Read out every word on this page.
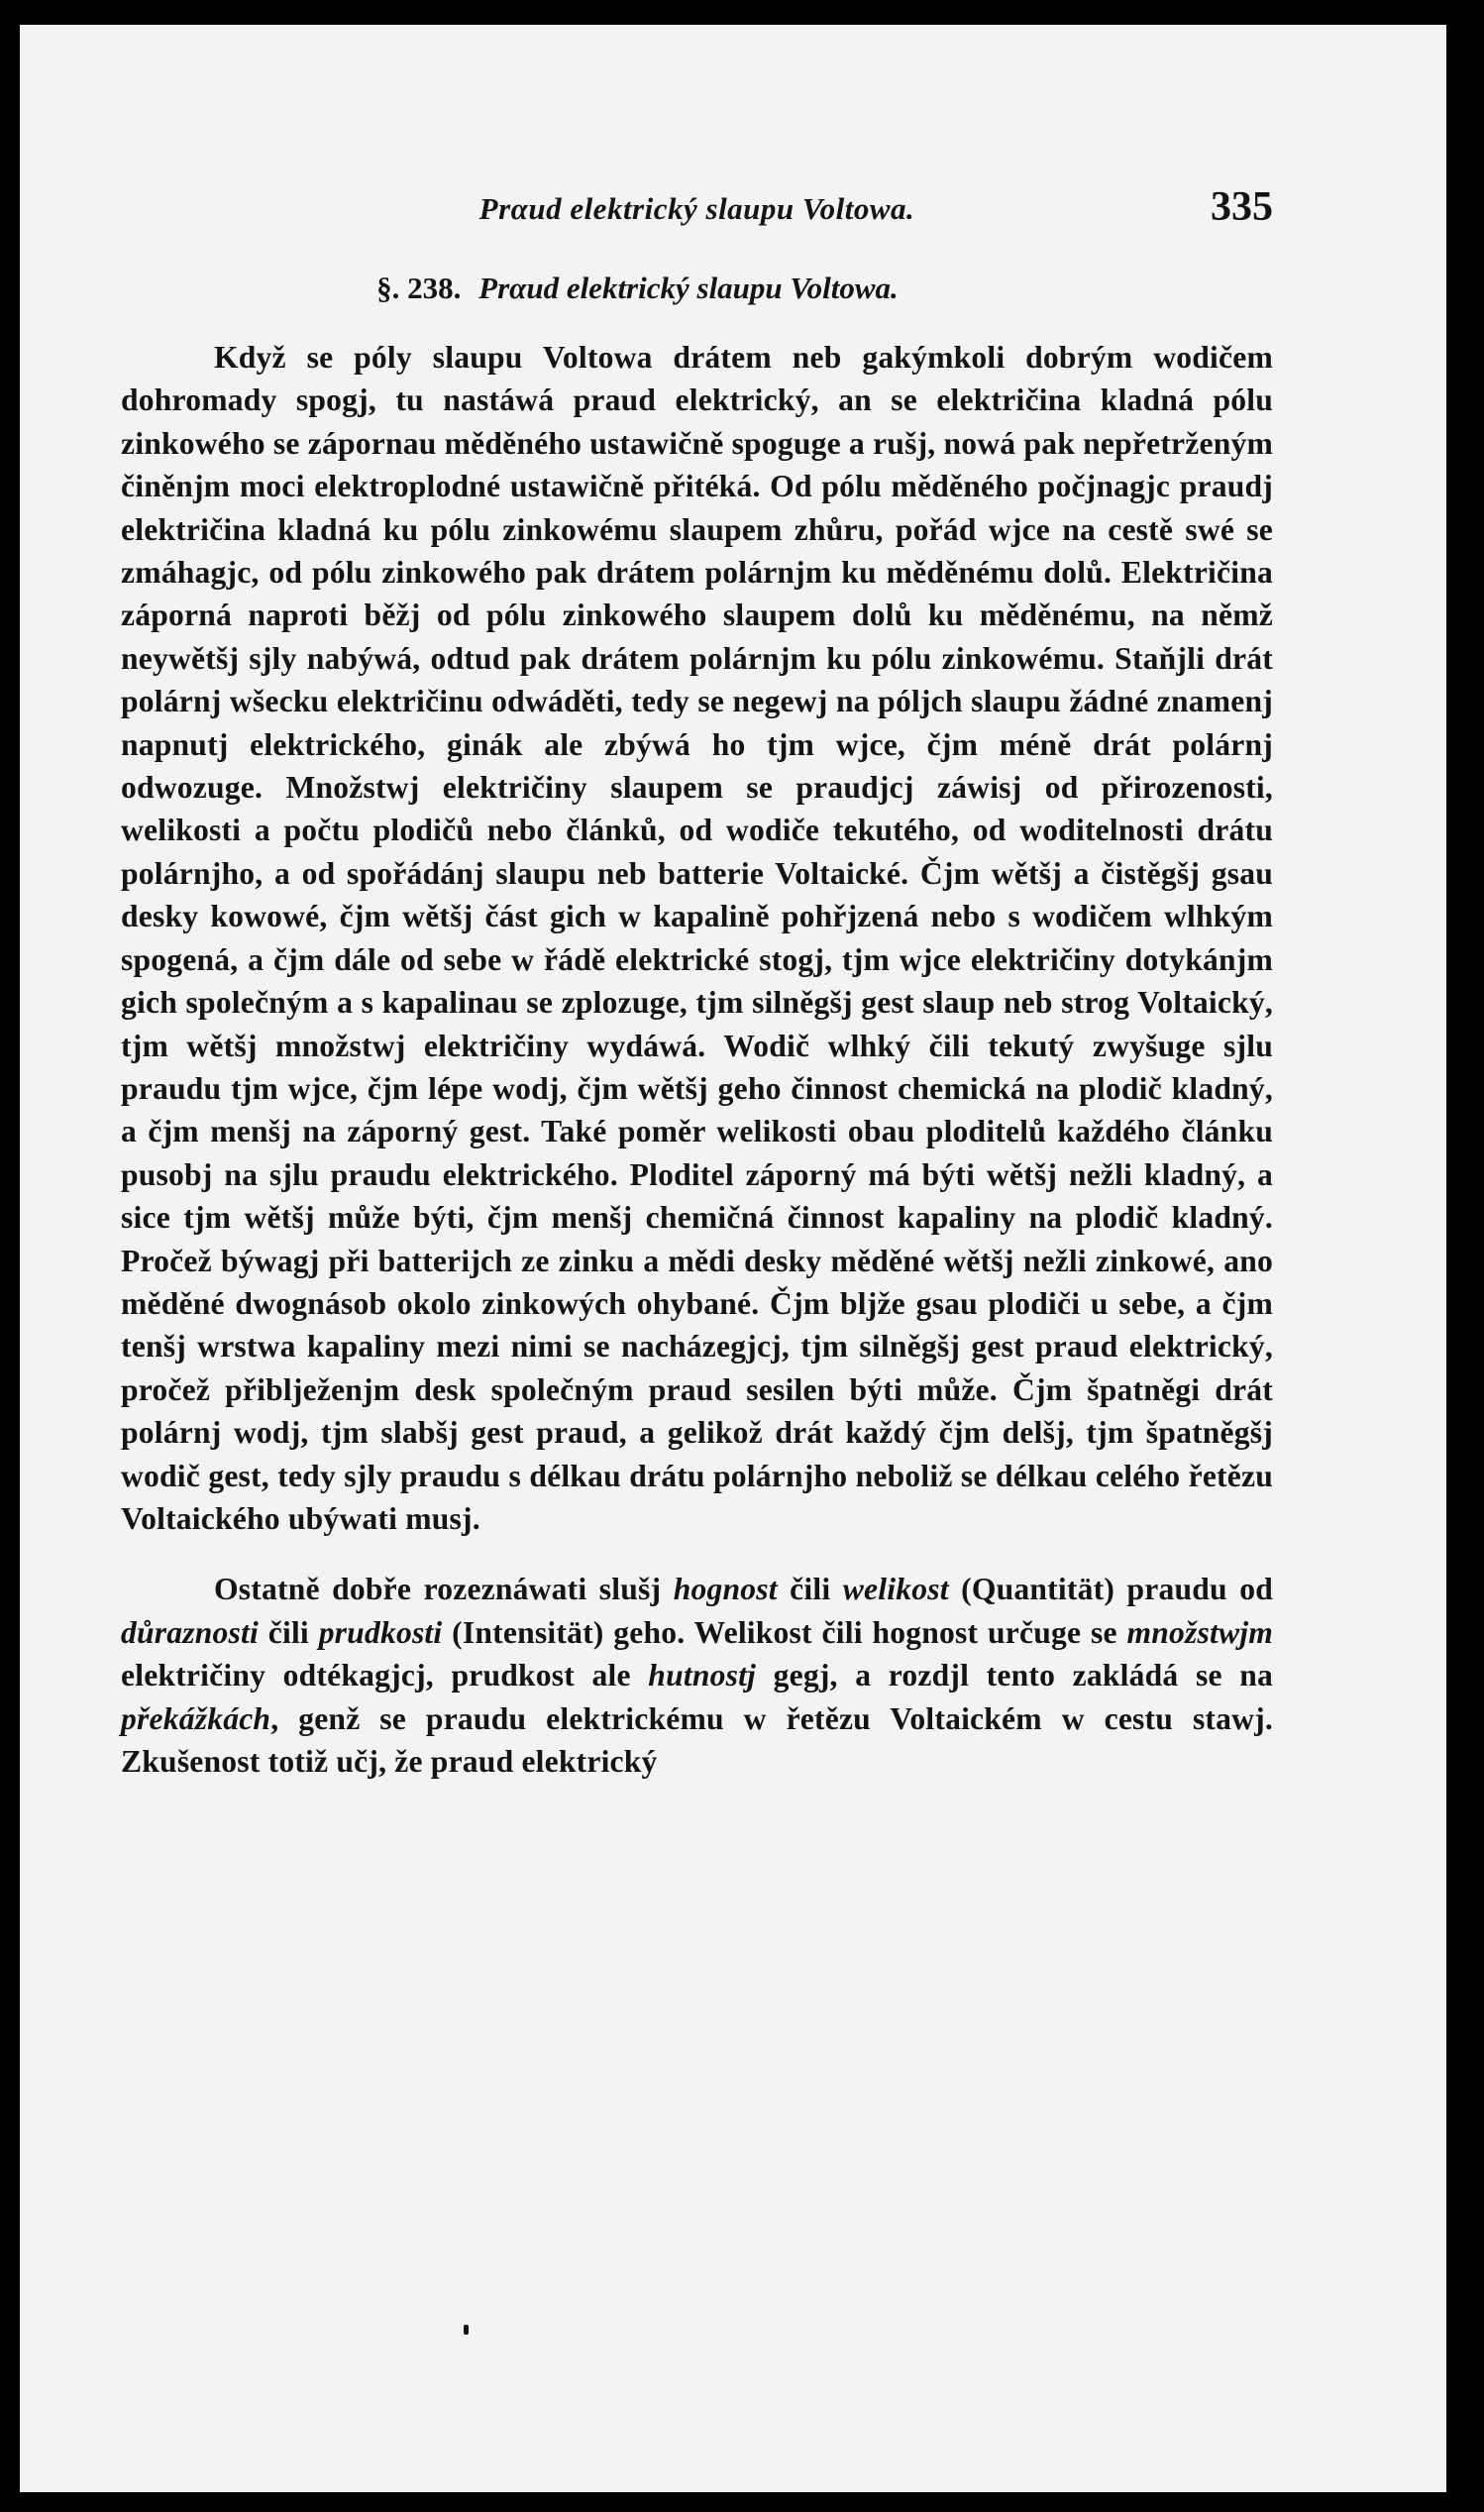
Prαud elektrický slaupu Voltowa.	335
§. 238. Prαud elektrický slaupu Voltowa.

Když se póly slaupu Voltowa drátem neb gakýmkoli dobrým wodičem dohromady spogj, tu nastáwá praud elektrický, an se električina kladná pólu zinkowého se zápornau měděného ustawičně spoguge a rušj, nowá pak nepřetrženým činěnjm moci elektroplodné ustawičně přitéká. Od pólu měděného počjnagjc praudj električina kladná ku pólu zinkowému slaupem zhůru, pořád wjce na cestě swé se zmáhagjc, od pólu zinkowého pak drátem polárnjm ku měděnému dolů. Električina záporná naproti běžj od pólu zinkowého slaupem dolů ku měděnému, na němž neywětšj sjly nabýwá, odtud pak drátem polárnjm ku pólu zinkowému. Staňjli drát polárnj wšecku električinu odwáděti, tedy se negewj na póljch slaupu žádné znamenj napnutj elektrického, ginák ale zbýwá ho tjm wjce, čjm méně drát polárnj odwozuge. Množstwj električiny slaupem se praudjcj záwisj od přirozenosti, welikosti a počtu plodičů nebo článků, od wodiče tekutého, od woditelnosti drátu polárnjho, a od spořádánj slaupu neb batterie Voltaické. Čjm wětšj a čistěgšj gsau desky kowowé, čjm wětšj část gich w kapalině pohřjzená nebo s wodičem wlhkým spogená, a čjm dále od sebe w řádě elektrické stogj, tjm wjce električiny dotykánjm gich společným a s kapalinau se zplozuge, tjm silněgšj gest slaup neb strog Voltaický, tjm wětšj množstwj električiny wydáwá. Wodič wlhký čili tekutý zwyšuge sjlu praudu tjm wjce, čjm lépe wodj, čjm wětšj geho činnost chemická na plodič kladný, a čjm menšj na záporný gest. Také poměr welikosti obau ploditelů každého článku pusobj na sjlu praudu elektrického. Ploditel záporný má býti wětšj nežli kladný, a sice tjm wětšj může býti, čjm menšj chemičná činnost kapaliny na plodič kladný. Pročež býwagj při batterijch ze zinku a mědi desky měděné wětšj nežli zinkowé, ano měděné dwognásob okolo zinkowých ohybané. Čjm bljže gsau plodiči u sebe, a čjm tenšj wrstwa kapaliny mezi nimi se nacházegjcj, tjm silněgšj gest praud elektrický, pročež přiblježenjm desk společným praud sesilen býti může. Čjm špatněgi drát polárnj wodj, tjm slabšj gest praud, a gelikož drát každý čjm delšj, tjm špatněgšj wodič gest, tedy sjly praudu s délkau drátu polárnjho neboliž se délkau celého řetězu Voltaického ubýwati musj.

Ostatně dobře rozeznáwati slušj hognost čili welikost (Quantität) praudu od důraznosti čili prudkosti (Intensität) geho. Welikost čili hognost určuge se množstwjm električiny odtékagjcj, prudkost ale hutnostj gegj, a rozdjl tento zakládá se na překážkách, genž se praudu elektrickému w řetězu Voltaickém w cestu stawj. Zkušenost totiž učj, že praud elektrický
